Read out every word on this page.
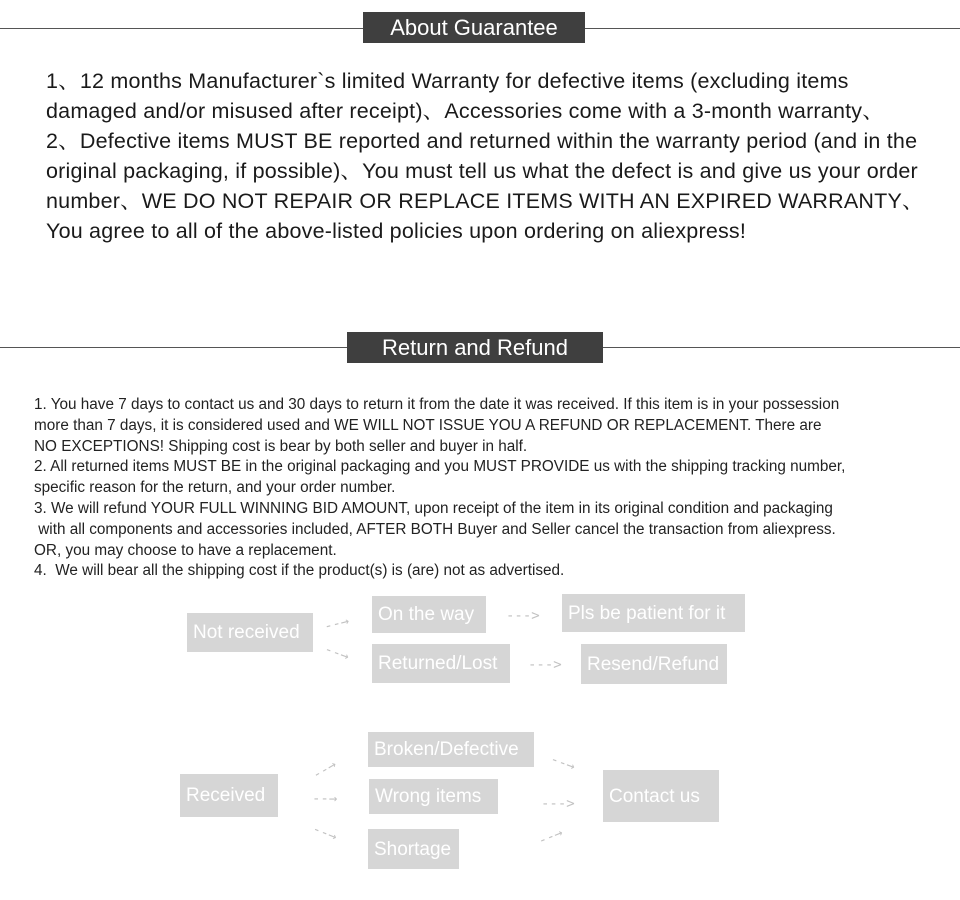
About Guarantee

1、12 months Manufacturer`s limited Warranty for defective items (excluding items damaged and/or misused after receipt)、Accessories come with a 3-month warranty、

2、Defective items MUST BE reported and returned within the warranty period (and in the original packaging, if possible)、You must tell us what the defect is and give us your order number、WE DO NOT REPAIR OR REPLACE ITEMS WITH AN EXPIRED WARRANTY、

You agree to all of the above-listed policies upon ordering on aliexpress!

Return and Refund

1. You have 7 days to contact us and 30 days to return it from the date it was received. If this item is in your possession

more than 7 days, it is considered used and WE WILL NOT ISSUE YOU A REFUND OR REPLACEMENT. There are

NO EXCEPTIONS! Shipping cost is bear by both seller and buyer in half.

2. All returned items MUST BE in the original packaging and you MUST PROVIDE us with the shipping tracking number,

specific reason for the return, and your order number.

3. We will refund YOUR FULL WINNING BID AMOUNT, upon receipt of the item in its original condition and packaging

with all components and accessories included, AFTER BOTH Buyer and Seller cancel the transaction from aliexpress.

OR, you may choose to have a replacement.

4.  We will bear all the shipping cost if the product(s) is (are) not as advertised.

Not received	--→
--→
On the way	--->	Pls be patient for it
Returned/Lost	--->	Resend/Refund
Received
--→
--→
--→
Broken/Defective
Wrong items
Shortage
--→
--->
--→
Contact us
